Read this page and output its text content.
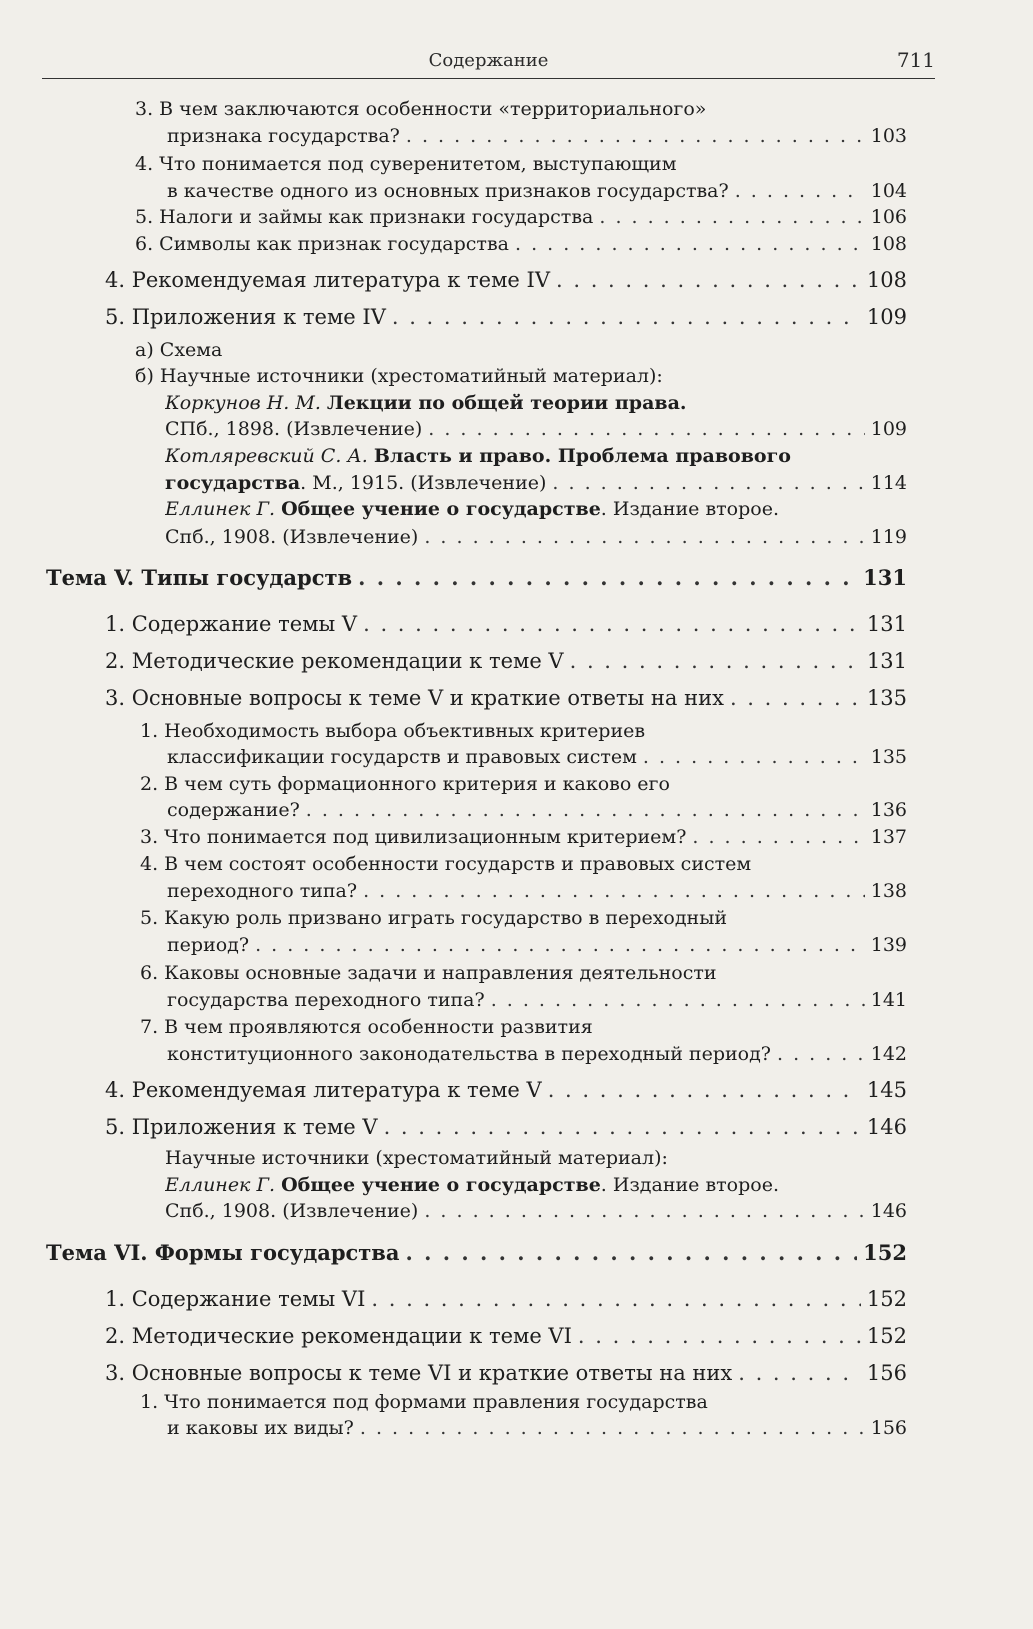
Содержание	711
3. В чем заключаются особенности «территориального»
признака государства? . . .	103
4. Что понимается под суверенитетом, выступающим
в качестве одного из основных признаков государства? . . .	104
5. Налоги и займы как признаки государства . . .	106
6. Символы как признак государства . . .	108
4. Рекомендуемая литература к теме IV . . .	108
5. Приложения к теме IV . . .	109
а) Схема
б) Научные источники (хрестоматийный материал):
Коркунов Н. М. Лекции по общей теории права.
СПб., 1898. (Извлечение) . . .	109
Котляревский С. А. Власть и право. Проблема правового
государства. М., 1915. (Извлечение) . . .	114
Еллинек Г. Общее учение о государстве. Издание второе.
Спб., 1908. (Извлечение) . . .	119
Тема V. Типы государств . . .	131
1. Содержание темы V . . .	131
2. Методические рекомендации к теме V . . .	131
3. Основные вопросы к теме V и краткие ответы на них . . .	135
1. Необходимость выбора объективных критериев
классификации государств и правовых систем . . .	135
2. В чем суть формационного критерия и каково его
содержание? . . .	136
3. Что понимается под цивилизационным критерием? . . .	137
4. В чем состоят особенности государств и правовых систем
переходного типа? . . .	138
5. Какую роль призвано играть государство в переходный
период? . . .	139
6. Каковы основные задачи и направления деятельности
государства переходного типа? . . .	141
7. В чем проявляются особенности развития
конституционного законодательства в переходный период? . . .	142
4. Рекомендуемая литература к теме V . . .	145
5. Приложения к теме V . . .	146
Научные источники (хрестоматийный материал):
Еллинек Г. Общее учение о государстве. Издание второе.
Спб., 1908. (Извлечение) . . .	146
Тема VI. Формы государства . . .	152
1. Содержание темы VI . . .	152
2. Методические рекомендации к теме VI . . .	152
3. Основные вопросы к теме VI и краткие ответы на них . . .	156
1. Что понимается под формами правления государства
и каковы их виды? . . .	156
